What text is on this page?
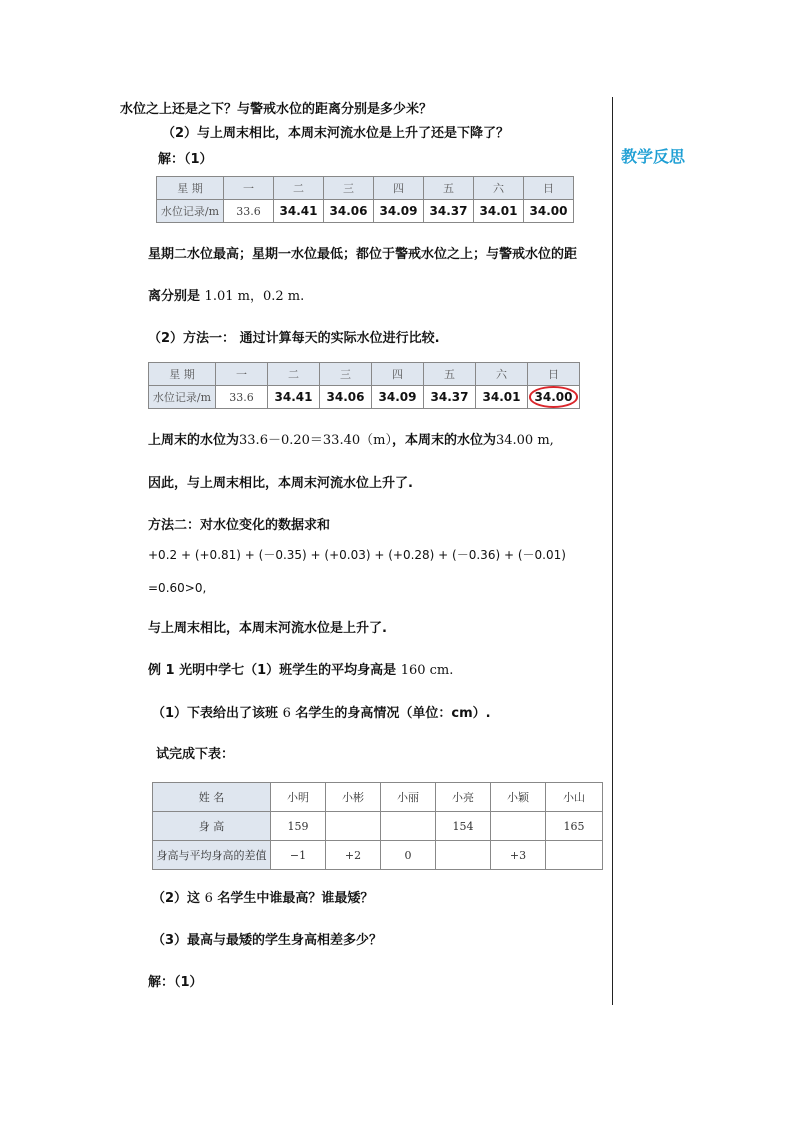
教学反思
水位之上还是之下？与警戒水位的距离分别是多少米？
（2）与上周末相比，本周末河流水位是上升了还是下降了？
解：（1）
星 期	一	二	三	四	五	六	日
水位记录/m	33.6	34.41	34.06	34.09	34.37	34.01	34.00
星期二水位最高；星期一水位最低；都位于警戒水位之上；与警戒水位的距
离分别是 1.01 m，0.2 m.
（2）方法一： 通过计算每天的实际水位进行比较.
星 期	一	二	三	四	五	六	日
水位记录/m	33.6	34.41	34.06	34.09	34.37	34.01	34.00
上周末的水位为33.6－0.20＝33.40（m），本周末的水位为34.00 m,
因此，与上周末相比，本周末河流水位上升了.
方法二：对水位变化的数据求和
+0.2 + (+0.81) + (－0.35) + (+0.03) + (+0.28) + (－0.36) + (－0.01)
=0.60>0,
与上周末相比，本周末河流水位是上升了.
例 1 光明中学七（1）班学生的平均身高是 160 cm.
（1）下表给出了该班 6 名学生的身高情况（单位：cm）.
试完成下表：
姓 名	小明	小彬	小丽	小亮	小颖	小山
身 高	159			154		165
身高与平均身高的差值	−1	+2	0		+3	
（2）这 6 名学生中谁最高？谁最矮？
（3）最高与最矮的学生身高相差多少？
解：（1）
